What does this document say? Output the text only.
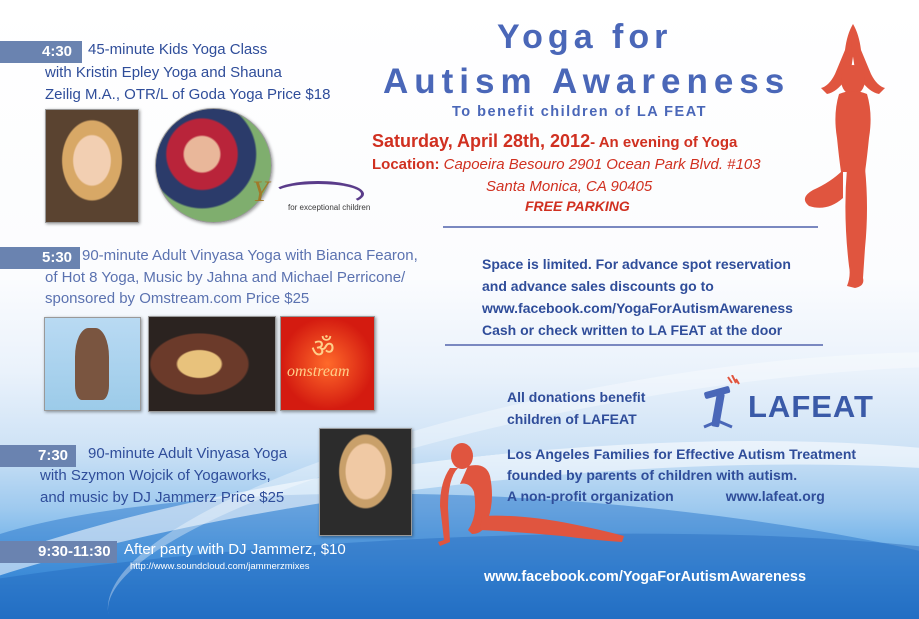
Yoga for
Autism Awareness
To benefit children of LA FEAT
Saturday, April 28th, 2012- An evening of Yoga
Location: Capoeira Besouro 2901 Ocean Park Blvd. #103
Santa Monica, CA 90405
FREE PARKING
4:30	45-minute Kids Yoga Class
with Kristin Epley Yoga and Shauna
Zeilig M.A., OTR/L of Goda Yoga Price $18
Y for exceptional children
5:30 90-minute Adult Vinyasa Yoga with Bianca Fearon,
of Hot 8 Yoga, Music by Jahna and Michael Perricone/
sponsored by Omstream.com Price $25
ॐ
omstream
7:30	90-minute Adult Vinyasa Yoga
with Szymon Wojcik of Yogaworks,
and music by DJ Jammerz Price $25
9:30-11:30 After party with DJ Jammerz, $10
http://www.soundcloud.com/jammerzmixes
Space is limited. For advance spot reservation
and advance sales discounts go to
www.facebook.com/YogaForAutismAwareness
Cash or check written to LA FEAT at the door
All donations benefit
children of LAFEAT	LAFEAT
Los Angeles Families for Effective Autism Treatment
founded by parents of children with autism.
A non-profit organization	www.lafeat.org
www.facebook.com/YogaForAutismAwareness
